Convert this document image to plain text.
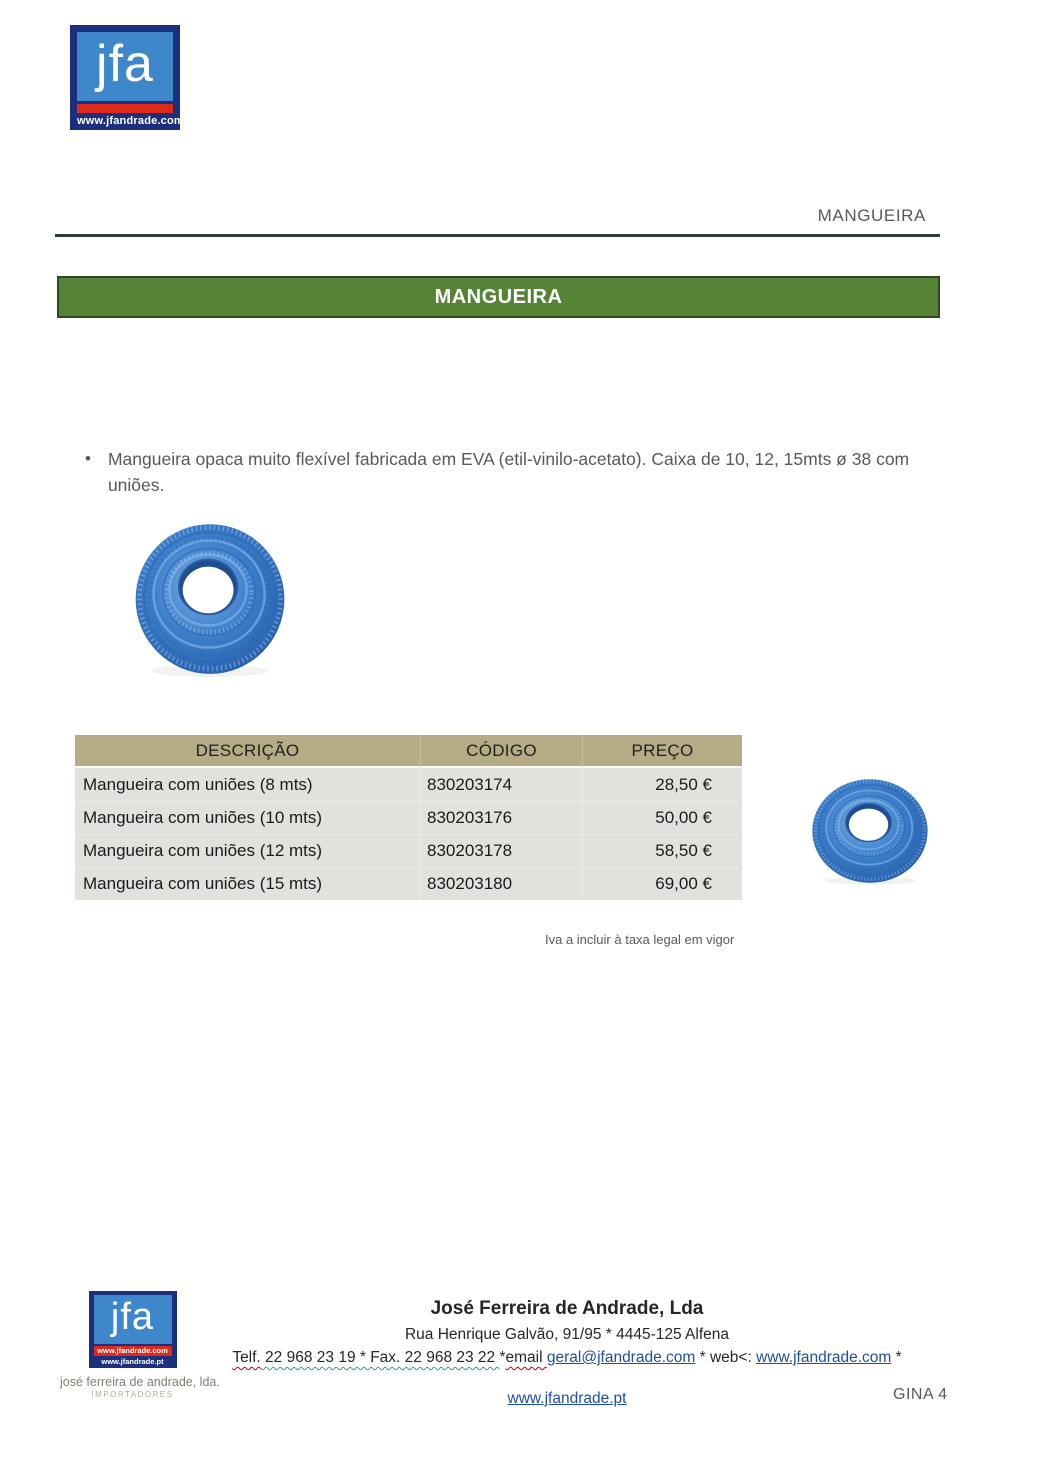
jfa
www.jfandrade.com
MANGUEIRA
MANGUEIRA
• Mangueira opaca muito flexível fabricada em EVA (etil-vinilo-acetato). Caixa de 10, 12, 15mts ø 38 com uniões.
DESCRIÇÃO	CÓDIGO	PREÇO
Mangueira com uniões (8 mts)	830203174	28,50 €
Mangueira com uniões (10 mts)	830203176	50,00 €
Mangueira com uniões (12 mts)	830203178	58,50 €
Mangueira com uniões (15 mts)	830203180	69,00 €
Iva a incluir à taxa legal em vigor
jfa
www.jfandrade.com
www.jfandrade.pt
josé ferreira de andrade, lda.
IMPORTADORES
José Ferreira de Andrade, Lda
Rua Henrique Galvão, 91/95 * 4445-125 Alfena
Telf. 22 968 23 19 * Fax. 22 968 23 22 *email geral@jfandrade.com * web<: www.jfandrade.com *

www.jfandrade.pt	GINA 4
